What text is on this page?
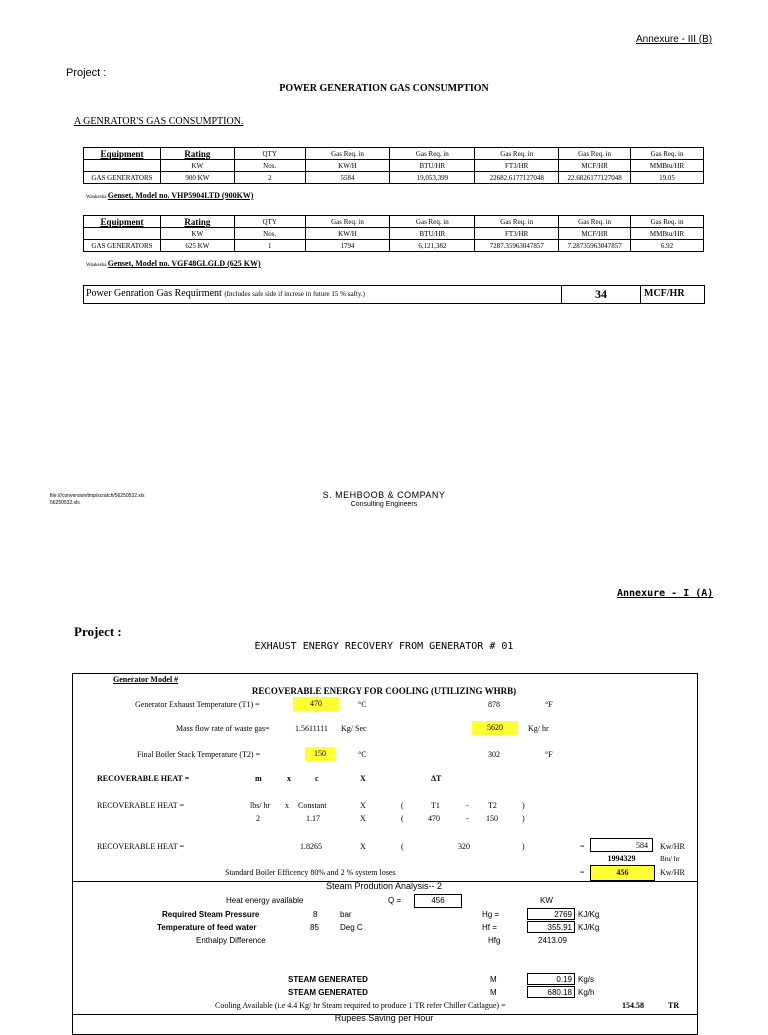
Annexure - III (B)
Project :
POWER GENERATION GAS CONSUMPTION
A GENRATOR'S GAS CONSUMPTION.
Equipment	Rating	QTY	Gas Req. in	Gas Req. in	Gas Req. in	Gas Req. in	Gas Req. in
	KW	Nos.	KW/H	BTU/HR	FT3/HR	MCF/HR	MMBtu/HR
GAS GENERATORS	900 KW	2	5584	19,053,399	22682.6177127048	22.6826177127048	19.05
Waukesha Genset, Model no. VHP5904LTD (900KW)
Equipment	Rating	QTY	Gas Req. in	Gas Req. in	Gas Req. in	Gas Req. in	Gas Req. in
	KW	Nos.	KW/H	BTU/HR	FT3/HR	MCF/HR	MMBtu/HR
GAS GENERATORS	625 KW	1	1794	6,121,382	7287.35963047857	7.28735963047857	6.92
Waukesha Genset, Model no. VGF48GLGLD (625 KW)
Power Genration Gas Requirment (Includes safe side if increse in future 15 % safty.)	34	MCF/HR
file:///conversion/tmp/scratch/56250532.xls
56250532.xls
S. MEHBOOB & COMPANY
Consulting Engineers
Annexure - I (A)
Project :
EXHAUST ENERGY RECOVERY FROM GENERATOR # 01
Generator Model #
RECOVERABLE ENERGY FOR COOLING (UTILIZING WHRB)
Generator Exhaust Temperature (T1) =	470	°C	878	°F
Mass flow rate of waste gas=	1.5611111 Kg/ Sec	5620	Kg/ hr
Final Boiler Stack Temperature (T2) =	150	°C	302	°F
RECOVERABLE HEAT =	m	x	c	X	ΔT
RECOVERABLE HEAT =	lbs/ hr x Constant	X	(	T1	- T2	)
2	1.17	X	(	470	- 150	)
RECOVERABLE HEAT =	1.8265	X	(	320	)	=	584	Kw/HR
1994329	Btu/ hr
Standard Boiler Efficency 80% and 2 % system loses	=	456	Kw/HR
Steam Prodution Analysis-- 2
Heat energy available	Q =	456	KW
Required Steam Pressure	8	bar	Hg =	2769 KJ/Kg
Temperature of feed water	85	Deg C	Hf =	355.91 KJ/Kg
Enthalpy Difference	Hfg	2413.09
STEAM GENERATED	M	0.19 Kg/s
STEAM GENERATED	M	680.18 Kg/h
Cooling Available (i.e 4.4 Kg/ hr Steam required to produce 1 TR refer Chiller Catlague) =	154.58	TR
Rupees Saving per Hour
